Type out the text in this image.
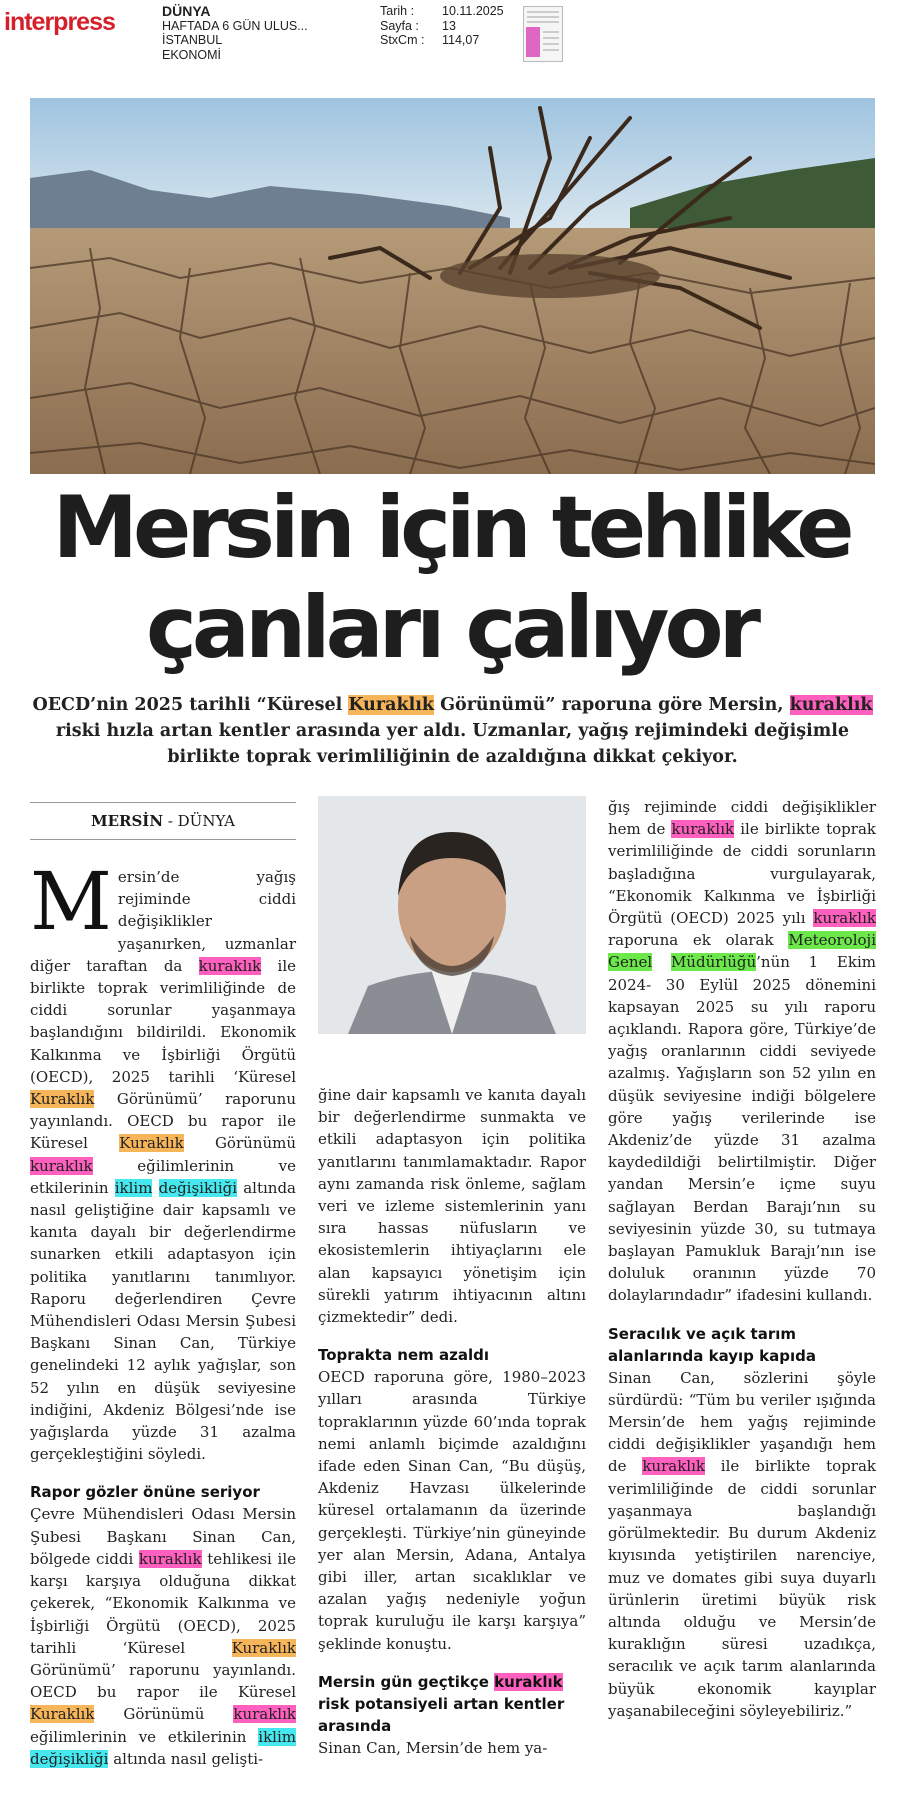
interpress	DÜNYA
HAFTADA 6 GÜN ULUS...
İSTANBUL
EKONOMİ
Tarih : 10.11.2025
Sayfa : 13
StxCm : 114,07
Mersin için tehlike
çanları çalıyor
OECD’nin 2025 tarihli “Küresel Kuraklık Görünümü” raporuna göre Mersin, kuraklık riski hızla artan kentler arasında yer aldı. Uzmanlar, yağış rejimindeki değişimle birlikte toprak verimliliğinin de azaldığına dikkat çekiyor.
MERSİN - DÜNYA

Mersin’de yağış rejiminde ciddi değişiklikler yaşanırken, uzmanlar diğer taraftan da kuraklık ile birlikte toprak verimliliğinde de ciddi sorunlar yaşanmaya başlandığını bildirildi. Ekonomik Kalkınma ve İşbirliği Örgütü (OECD), 2025 tarihli ‘Küresel Kuraklık Görünümü’ raporunu yayınlandı. OECD bu rapor ile Küresel Kuraklık Görünümü kuraklık eğilimlerinin ve etkilerinin iklim değişikliği altında nasıl geliştiğine dair kapsamlı ve kanıta dayalı bir değerlendirme sunarken etkili adaptasyon için politika yanıtlarını tanımlıyor. Raporu değerlendiren Çevre Mühendisleri Odası Mersin Şubesi Başkanı Sinan Can, Türkiye genelindeki 12 aylık yağışlar, son 52 yılın en düşük seviyesine indiğini, Akdeniz Bölgesi’nde ise yağışlarda yüzde 31 azalma gerçekleştiğini söyledi.

Rapor gözler önüne seriyor

Çevre Mühendisleri Odası Mersin Şubesi Başkanı Sinan Can, bölgede ciddi kuraklık tehlikesi ile karşı karşıya olduğuna dikkat çekerek, “Ekonomik Kalkınma ve İşbirliği Örgütü (OECD), 2025 tarihli ‘Küresel Kuraklık Görünümü’ raporunu yayınlandı. OECD bu rapor ile Küresel Kuraklık Görünümü kuraklık eğilimlerinin ve etkilerinin iklim değişikliği altında nasıl gelişti-

ğine dair kapsamlı ve kanıta dayalı bir değerlendirme sunmakta ve etkili adaptasyon için politika yanıtlarını tanımlamaktadır. Rapor aynı zamanda risk önleme, sağlam veri ve izleme sistemlerinin yanı sıra hassas nüfusların ve ekosistemlerin ihtiyaçlarını ele alan kapsayıcı yönetişim için sürekli yatırım ihtiyacının altını çizmektedir” dedi.

Toprakta nem azaldı

OECD raporuna göre, 1980–2023 yılları arasında Türkiye topraklarının yüzde 60’ında toprak nemi anlamlı biçimde azaldığını ifade eden Sinan Can, “Bu düşüş, Akdeniz Havzası ülkelerinde küresel ortalamanın da üzerinde gerçekleşti. Türkiye’nin güneyinde yer alan Mersin, Adana, Antalya gibi iller, artan sıcaklıklar ve azalan yağış nedeniyle yoğun toprak kuruluğu ile karşı karşıya” şeklinde konuştu.

Mersin gün geçtikçe kuraklık risk potansiyeli artan kentler arasında

Sinan Can, Mersin’de hem ya-

ğış rejiminde ciddi değişiklikler hem de kuraklık ile birlikte toprak verimliliğinde de ciddi sorunların başladığına vurgulayarak, “Ekonomik Kalkınma ve İşbirliği Örgütü (OECD) 2025 yılı kuraklık raporuna ek olarak Meteoroloji Genel Müdürlüğü’nün 1 Ekim 2024- 30 Eylül 2025 dönemini kapsayan 2025 su yılı raporu açıklandı. Rapora göre, Türkiye’de yağış oranlarının ciddi seviyede azalmış. Yağışların son 52 yılın en düşük seviyesine indiği bölgelere göre yağış verilerinde ise Akdeniz’de yüzde 31 azalma kaydedildiği belirtilmiştir. Diğer yandan Mersin’e içme suyu sağlayan Berdan Barajı’nın su seviyesinin yüzde 30, su tutmaya başlayan Pamukluk Barajı’nın ise doluluk oranının yüzde 70 dolaylarındadır” ifadesini kullandı.

Seracılık ve açık tarım alanlarında kayıp kapıda

Sinan Can, sözlerini şöyle sürdürdü: “Tüm bu veriler ışığında Mersin’de hem yağış rejiminde ciddi değişiklikler yaşandığı hem de kuraklık ile birlikte toprak verimliliğinde de ciddi sorunlar yaşanmaya başlandığı görülmektedir. Bu durum Akdeniz kıyısında yetiştirilen narenciye, muz ve domates gibi suya duyarlı ürünlerin üretimi büyük risk altında olduğu ve Mersin’de kuraklığın süresi uzadıkça, seracılık ve açık tarım alanlarında büyük ekonomik kayıplar yaşanabileceğini söyleyebiliriz.”
